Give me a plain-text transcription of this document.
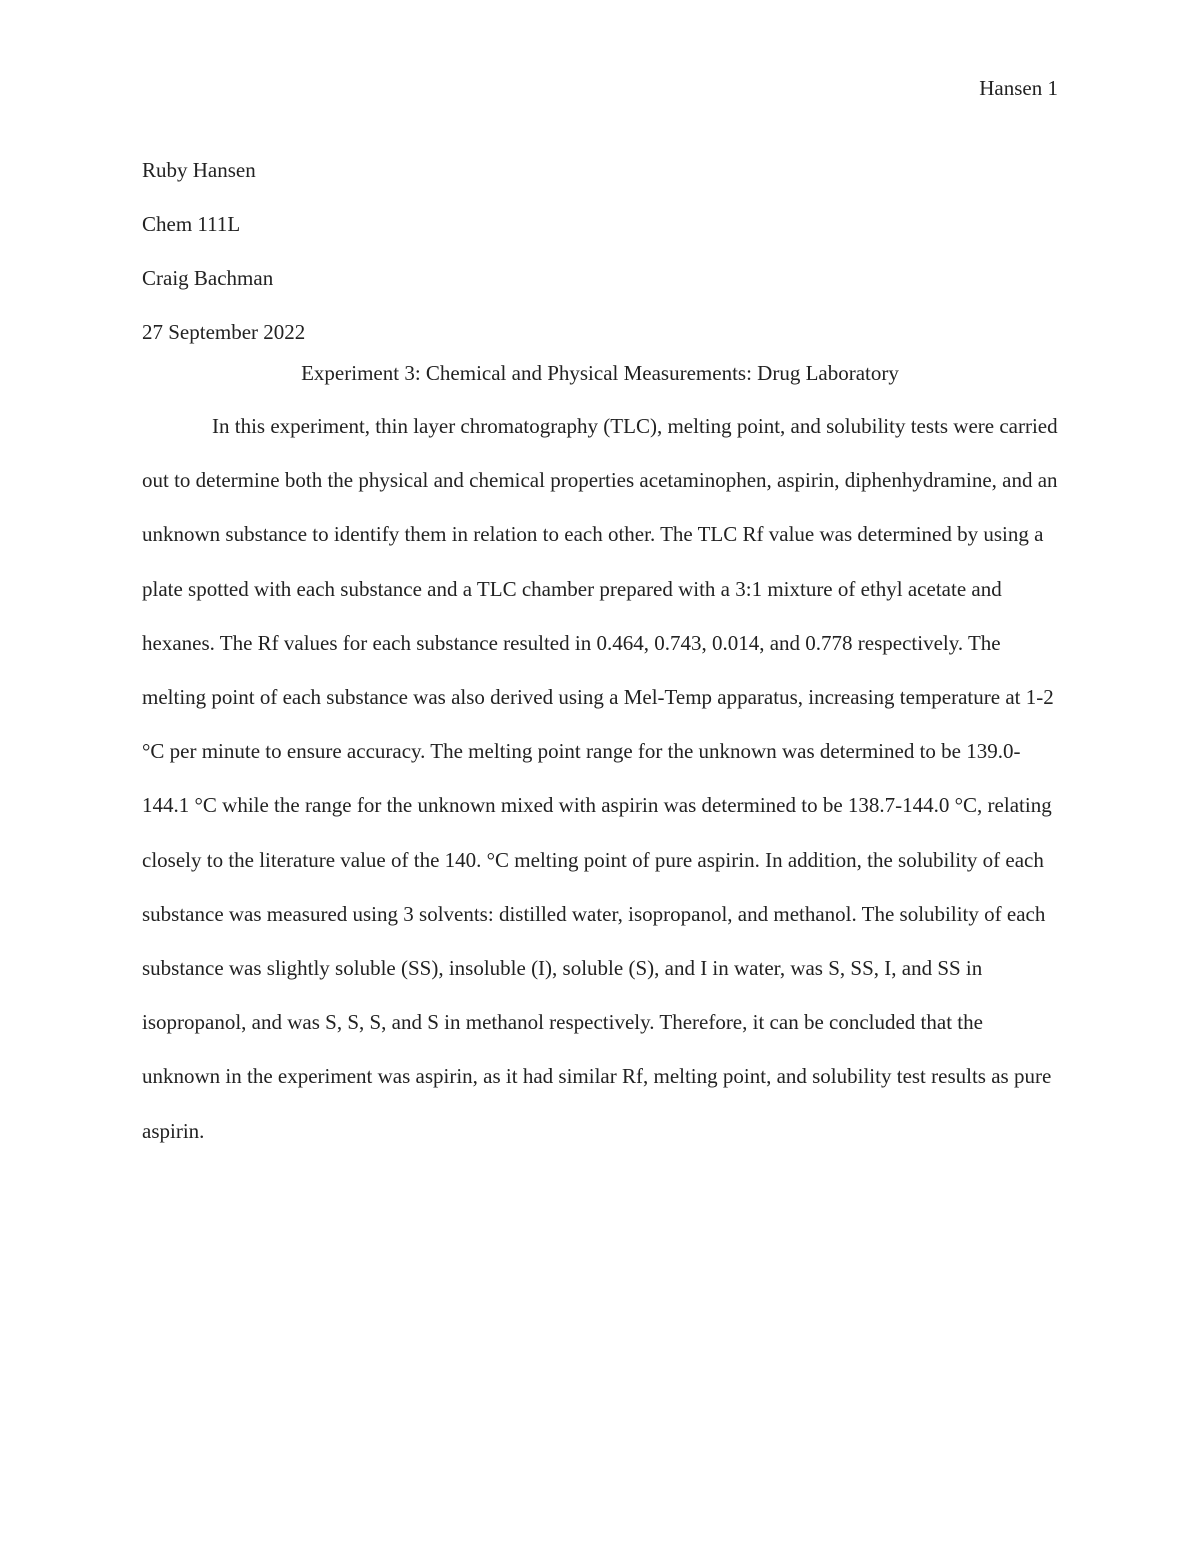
Hansen 1
Ruby Hansen
Chem 111L
Craig Bachman
27 September 2022
Experiment 3: Chemical and Physical Measurements: Drug Laboratory

In this experiment, thin layer chromatography (TLC), melting point, and solubility tests were carried out to determine both the physical and chemical properties acetaminophen, aspirin, diphenhydramine, and an unknown substance to identify them in relation to each other. The TLC Rf value was determined by using a plate spotted with each substance and a TLC chamber prepared with a 3:1 mixture of ethyl acetate and hexanes. The Rf values for each substance resulted in 0.464, 0.743, 0.014, and 0.778 respectively. The melting point of each substance was also derived using a Mel-Temp apparatus, increasing temperature at 1-2 °C per minute to ensure accuracy. The melting point range for the unknown was determined to be 139.0-144.1 °C while the range for the unknown mixed with aspirin was determined to be 138.7-144.0 °C, relating closely to the literature value of the 140. °C melting point of pure aspirin. In addition, the solubility of each substance was measured using 3 solvents: distilled water, isopropanol, and methanol. The solubility of each substance was slightly soluble (SS), insoluble (I), soluble (S), and I in water, was S, SS, I, and SS in isopropanol, and was S, S, S, and S in methanol respectively. Therefore, it can be concluded that the unknown in the experiment was aspirin, as it had similar Rf, melting point, and solubility test results as pure aspirin.
